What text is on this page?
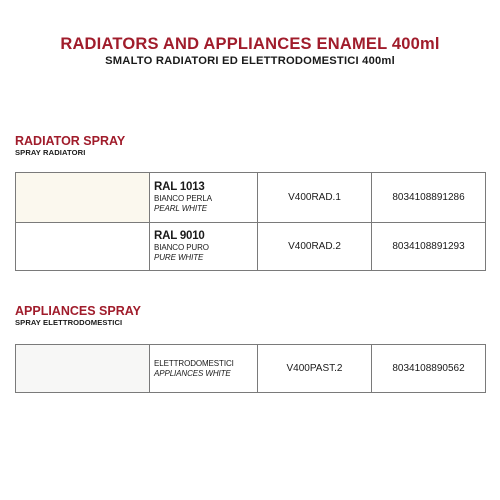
RADIATORS AND APPLIANCES ENAMEL 400ml
SMALTO RADIATORI ED ELETTRODOMESTICI 400ml
RADIATOR SPRAY
SPRAY RADIATORI

	RAL 1013
BIANCO PERLA
PEARL WHITE	V400RAD.1	8034108891286

	RAL 9010
BIANCO PURO
PURE WHITE	V400RAD.2	8034108891293
APPLIANCES SPRAY
SPRAY ELETTRODOMESTICI

ELETTRODOMESTICI
APPLIANCES WHITE	V400PAST.2	8034108890562
